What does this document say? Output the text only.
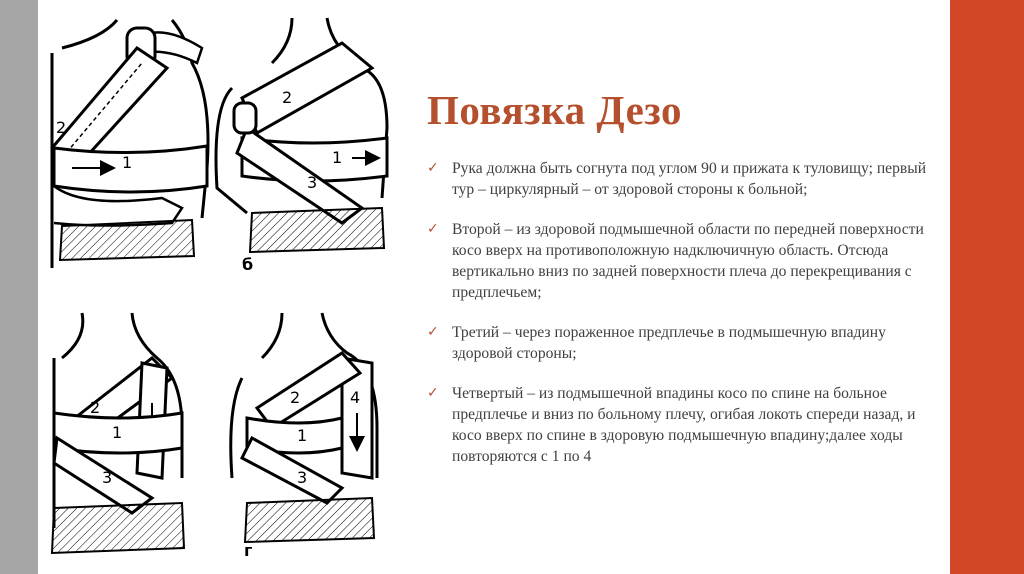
2
1
2
1
3
б
2
1
3
4
2
1
3
г
Повязка Дезо
✓ Рука должна быть согнута под углом 90 и прижата к туловищу; первый тур – циркулярный – от здоровой стороны к больной;
✓ Второй – из здоровой подмышечной области по передней поверхности косо вверх на противоположную надключичную область. Отсюда вертикально вниз по задней поверхности плеча до перекрещивания с предплечьем;
✓ Третий – через пораженное предплечье в подмышечную впадину здоровой стороны;
✓ Четвертый – из подмышечной впадины косо по спине на больное предплечье и вниз по больному плечу, огибая локоть спереди назад, и косо вверх по спине в здоровую подмышечную впадину;далее ходы повторяются с 1 по 4
